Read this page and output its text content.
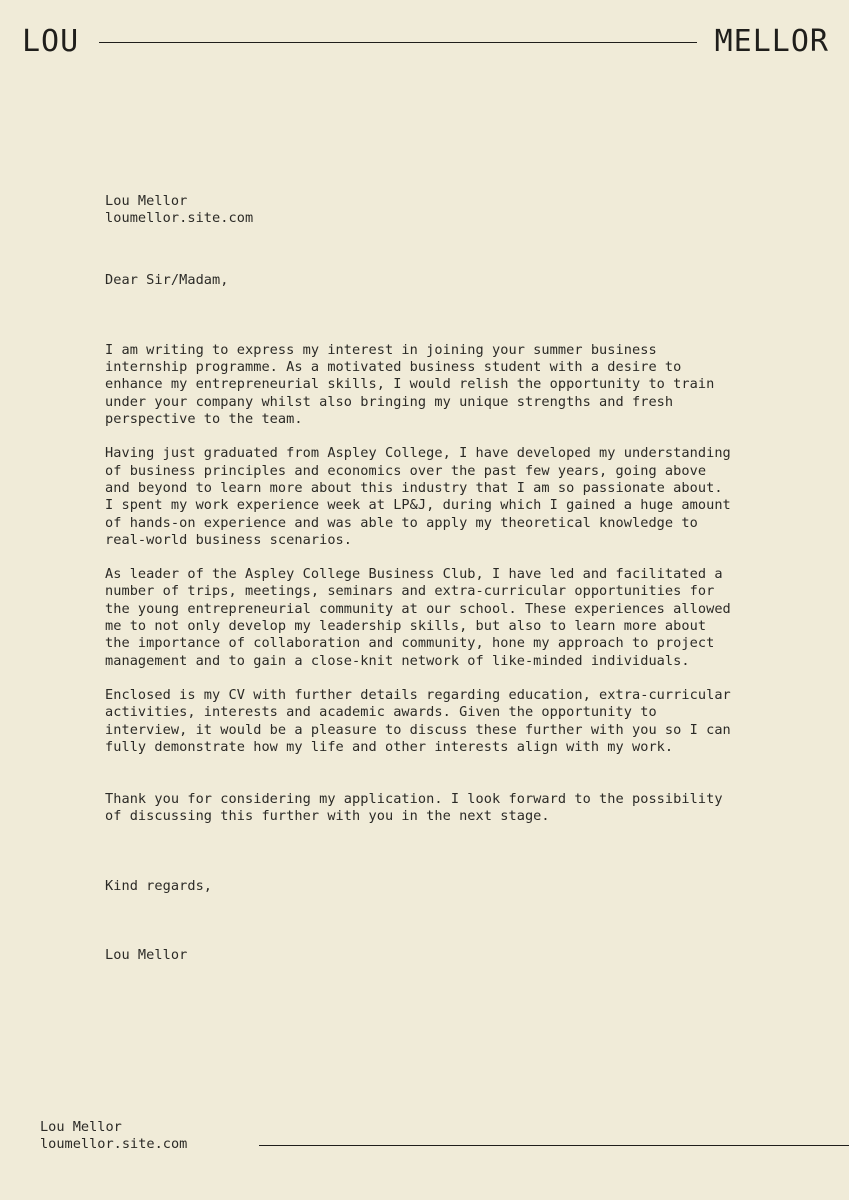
LOU	MELLOR

Lou Mellor
loumellor.site.com

Dear Sir/Madam,

I am writing to express my interest in joining your summer business
internship programme. As a motivated business student with a desire to
enhance my entrepreneurial skills, I would relish the opportunity to train
under your company whilst also bringing my unique strengths and fresh
perspective to the team.

Having just graduated from Aspley College, I have developed my understanding
of business principles and economics over the past few years, going above
and beyond to learn more about this industry that I am so passionate about.
I spent my work experience week at LP&J, during which I gained a huge amount
of hands-on experience and was able to apply my theoretical knowledge to
real-world business scenarios.

As leader of the Aspley College Business Club, I have led and facilitated a
number of trips, meetings, seminars and extra-curricular opportunities for
the young entrepreneurial community at our school. These experiences allowed
me to not only develop my leadership skills, but also to learn more about
the importance of collaboration and community, hone my approach to project
management and to gain a close-knit network of like-minded individuals.

Enclosed is my CV with further details regarding education, extra-curricular
activities, interests and academic awards. Given the opportunity to
interview, it would be a pleasure to discuss these further with you so I can
fully demonstrate how my life and other interests align with my work.

Thank you for considering my application. I look forward to the possibility
of discussing this further with you in the next stage.

Kind regards,

Lou Mellor

Lou Mellor
loumellor.site.com
